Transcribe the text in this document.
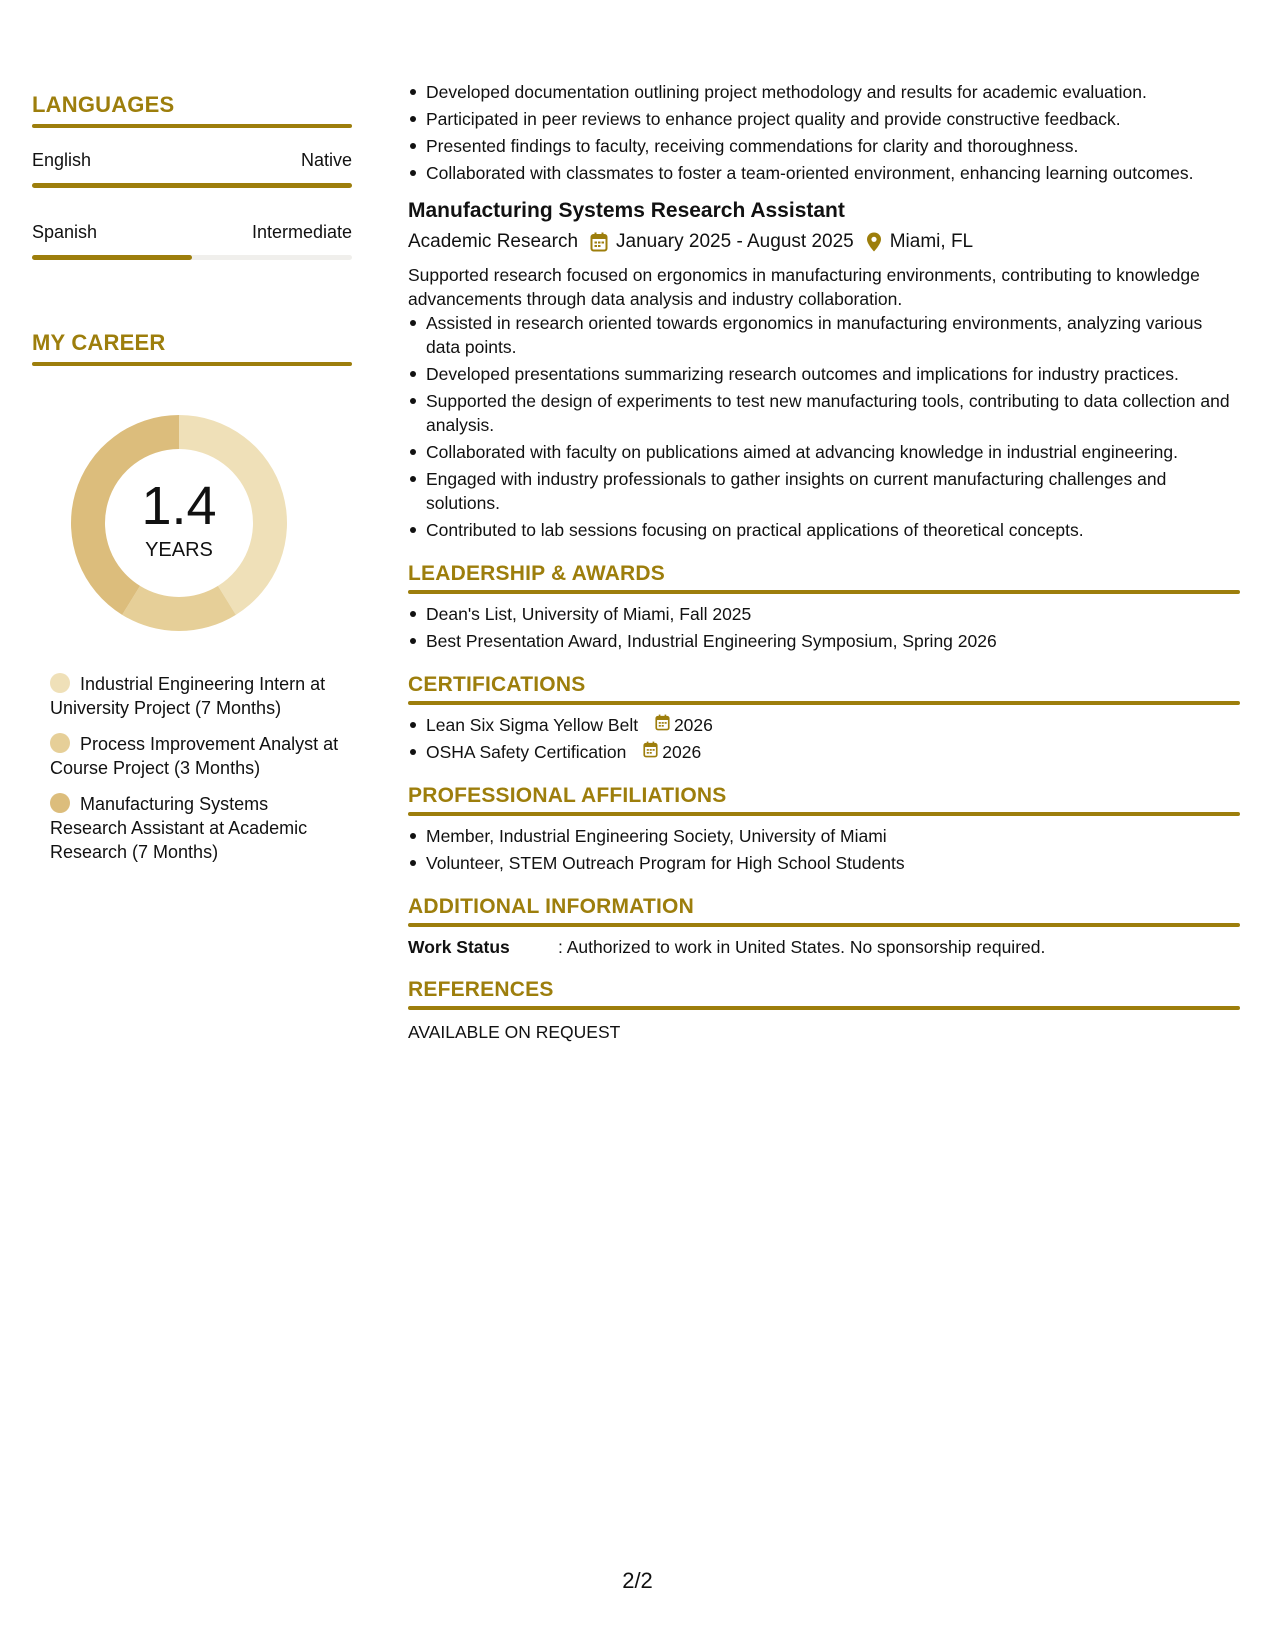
LANGUAGES
English	Native
Spanish	Intermediate
MY CAREER
1.4
YEARS
Industrial Engineering Intern at University Project (7 Months)
Process Improvement Analyst at Course Project (3 Months)
Manufacturing Systems Research Assistant at Academic Research (7 Months)
Developed documentation outlining project methodology and results for academic evaluation.
Participated in peer reviews to enhance project quality and provide constructive feedback.
Presented findings to faculty, receiving commendations for clarity and thoroughness.
Collaborated with classmates to foster a team-oriented environment, enhancing learning outcomes.
Manufacturing Systems Research Assistant
Academic Research January 2025 - August 2025 Miami, FL
Supported research focused on ergonomics in manufacturing environments, contributing to knowledge advancements through data analysis and industry collaboration.
Assisted in research oriented towards ergonomics in manufacturing environments, analyzing various data points.
Developed presentations summarizing research outcomes and implications for industry practices.
Supported the design of experiments to test new manufacturing tools, contributing to data collection and analysis.
Collaborated with faculty on publications aimed at advancing knowledge in industrial engineering.
Engaged with industry professionals to gather insights on current manufacturing challenges and solutions.
Contributed to lab sessions focusing on practical applications of theoretical concepts.
LEADERSHIP & AWARDS
Dean's List, University of Miami, Fall 2025
Best Presentation Award, Industrial Engineering Symposium, Spring 2026
CERTIFICATIONS
Lean Six Sigma Yellow Belt 2026
OSHA Safety Certification 2026
PROFESSIONAL AFFILIATIONS
Member, Industrial Engineering Society, University of Miami
Volunteer, STEM Outreach Program for High School Students
ADDITIONAL INFORMATION
Work Status	: Authorized to work in United States. No sponsorship required.
REFERENCES
AVAILABLE ON REQUEST
2/2
